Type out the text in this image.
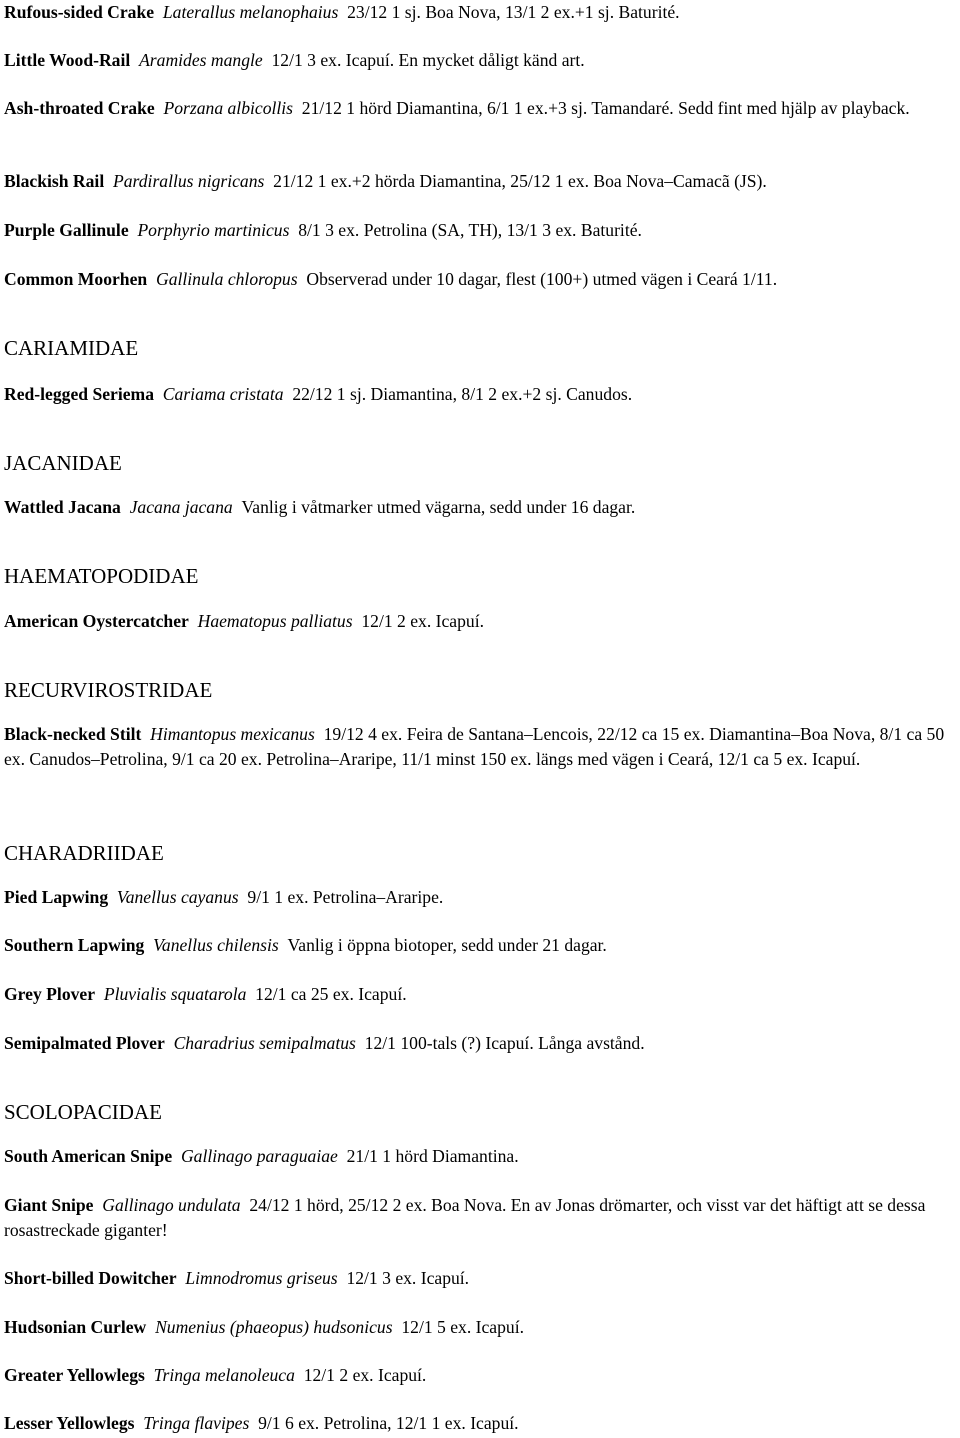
Rufous-sided Crake Laterallus melanophaius 23/12 1 sj. Boa Nova, 13/1 2 ex.+1 sj. Baturité.

Little Wood-Rail Aramides mangle 12/1 3 ex. Icapuí. En mycket dåligt känd art.

Ash-throated Crake Porzana albicollis 21/12 1 hörd Diamantina, 6/1 1 ex.+3 sj. Tamandaré. Sedd fint med hjälp av playback.

Blackish Rail Pardirallus nigricans 21/12 1 ex.+2 hörda Diamantina, 25/12 1 ex. Boa Nova–Camacã (JS).

Purple Gallinule Porphyrio martinicus 8/1 3 ex. Petrolina (SA, TH), 13/1 3 ex. Baturité.

Common Moorhen Gallinula chloropus Observerad under 10 dagar, flest (100+) utmed vägen i Ceará 1/11.

CARIAMIDAE

Red-legged Seriema Cariama cristata 22/12 1 sj. Diamantina, 8/1 2 ex.+2 sj. Canudos.

JACANIDAE

Wattled Jacana Jacana jacana Vanlig i våtmarker utmed vägarna, sedd under 16 dagar.

HAEMATOPODIDAE

American Oystercatcher Haematopus palliatus 12/1 2 ex. Icapuí.

RECURVIROSTRIDAE

Black-necked Stilt Himantopus mexicanus 19/12 4 ex. Feira de Santana–Lencois, 22/12 ca 15 ex. Diamantina–Boa Nova, 8/1 ca 50 ex. Canudos–Petrolina, 9/1 ca 20 ex. Petrolina–Araripe, 11/1 minst 150 ex. längs med vägen i Ceará, 12/1 ca 5 ex. Icapuí.

CHARADRIIDAE

Pied Lapwing Vanellus cayanus 9/1 1 ex. Petrolina–Araripe.

Southern Lapwing Vanellus chilensis Vanlig i öppna biotoper, sedd under 21 dagar.

Grey Plover Pluvialis squatarola 12/1 ca 25 ex. Icapuí.

Semipalmated Plover Charadrius semipalmatus 12/1 100-tals (?) Icapuí. Långa avstånd.

SCOLOPACIDAE

South American Snipe Gallinago paraguaiae 21/1 1 hörd Diamantina.

Giant Snipe Gallinago undulata 24/12 1 hörd, 25/12 2 ex. Boa Nova. En av Jonas drömarter, och visst var det häftigt att se dessa rosastreckade giganter!

Short-billed Dowitcher Limnodromus griseus 12/1 3 ex. Icapuí.

Hudsonian Curlew Numenius (phaeopus) hudsonicus 12/1 5 ex. Icapuí.

Greater Yellowlegs Tringa melanoleuca 12/1 2 ex. Icapuí.

Lesser Yellowlegs Tringa flavipes 9/1 6 ex. Petrolina, 12/1 1 ex. Icapuí.
